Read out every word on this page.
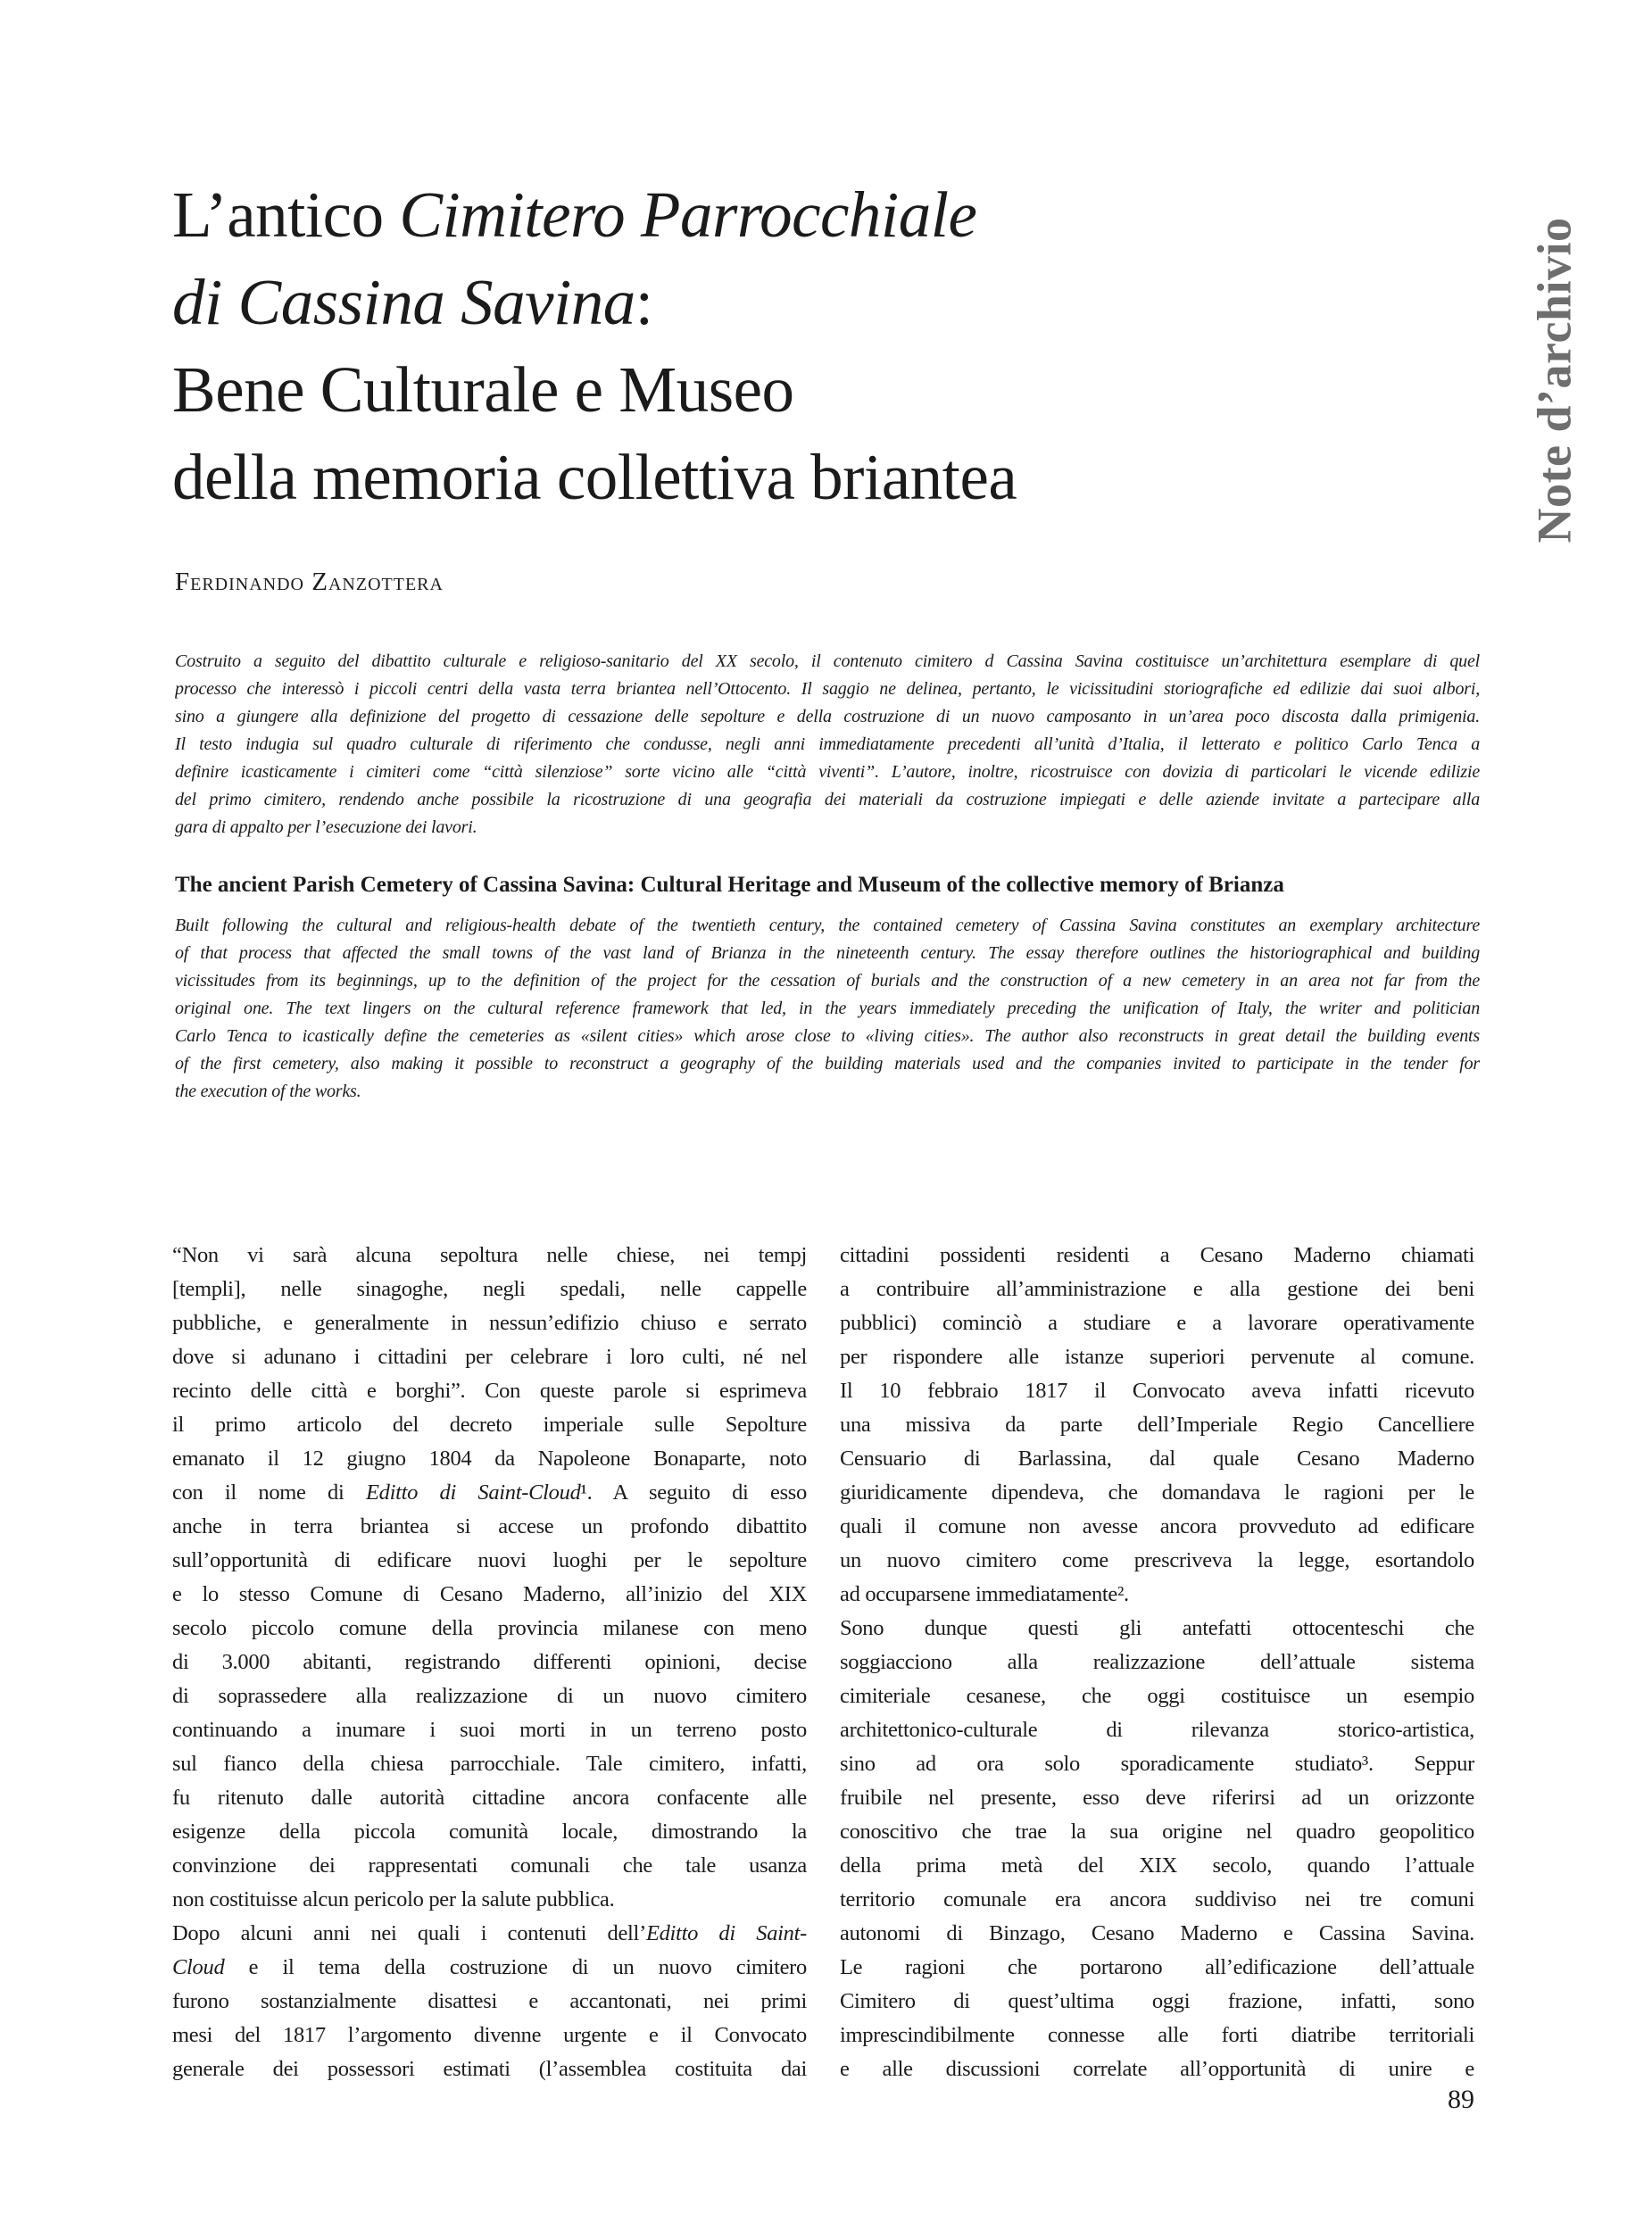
L’antico Cimitero Parrocchiale
di Cassina Savina:
Bene Culturale e Museo
della memoria collettiva briantea
Ferdinando Zanzottera
Costruito a seguito del dibattito culturale e religioso-sanitario del XX secolo, il contenuto cimitero d Cassina Savina costituisce un’architettura esemplare di quel
processo che interessò i piccoli centri della vasta terra briantea nell’Ottocento. Il saggio ne delinea, pertanto, le vicissitudini storiografiche ed edilizie dai suoi albori,
sino a giungere alla definizione del progetto di cessazione delle sepolture e della costruzione di un nuovo camposanto in un’area poco discosta dalla primigenia.
Il testo indugia sul quadro culturale di riferimento che condusse, negli anni immediatamente precedenti all’unità d’Italia, il letterato e politico Carlo Tenca a
definire icasticamente i cimiteri come “città silenziose” sorte vicino alle “città viventi”. L’autore, inoltre, ricostruisce con dovizia di particolari le vicende edilizie
del primo cimitero, rendendo anche possibile la ricostruzione di una geografia dei materiali da costruzione impiegati e delle aziende invitate a partecipare alla
gara di appalto per l’esecuzione dei lavori.
The ancient Parish Cemetery of Cassina Savina: Cultural Heritage and Museum of the collective memory of Brianza
Built following the cultural and religious-health debate of the twentieth century, the contained cemetery of Cassina Savina constitutes an exemplary architecture
of that process that affected the small towns of the vast land of Brianza in the nineteenth century. The essay therefore outlines the historiographical and building
vicissitudes from its beginnings, up to the definition of the project for the cessation of burials and the construction of a new cemetery in an area not far from the
original one. The text lingers on the cultural reference framework that led, in the years immediately preceding the unification of Italy, the writer and politician
Carlo Tenca to icastically define the cemeteries as «silent cities» which arose close to «living cities». The author also reconstructs in great detail the building events
of the first cemetery, also making it possible to reconstruct a geography of the building materials used and the companies invited to participate in the tender for
the execution of the works.
“Non vi sarà alcuna sepoltura nelle chiese, nei tempj
[templi], nelle sinagoghe, negli spedali, nelle cappelle
pubbliche, e generalmente in nessun’edifizio chiuso e serrato
dove si adunano i cittadini per celebrare i loro culti, né nel
recinto delle città e borghi”. Con queste parole si esprimeva
il primo articolo del decreto imperiale sulle Sepolture
emanato il 12 giugno 1804 da Napoleone Bonaparte, noto
con il nome di Editto di Saint-Cloud¹. A seguito di esso
anche in terra briantea si accese un profondo dibattito
sull’opportunità di edificare nuovi luoghi per le sepolture
e lo stesso Comune di Cesano Maderno, all’inizio del XIX
secolo piccolo comune della provincia milanese con meno
di 3.000 abitanti, registrando differenti opinioni, decise
di soprassedere alla realizzazione di un nuovo cimitero
continuando a inumare i suoi morti in un terreno posto
sul fianco della chiesa parrocchiale. Tale cimitero, infatti,
fu ritenuto dalle autorità cittadine ancora confacente alle
esigenze della piccola comunità locale, dimostrando la
convinzione dei rappresentati comunali che tale usanza
non costituisse alcun pericolo per la salute pubblica.
Dopo alcuni anni nei quali i contenuti dell’Editto di Saint-
Cloud e il tema della costruzione di un nuovo cimitero
furono sostanzialmente disattesi e accantonati, nei primi
mesi del 1817 l’argomento divenne urgente e il Convocato
generale dei possessori estimati (l’assemblea costituita dai
cittadini possidenti residenti a Cesano Maderno chiamati
a contribuire all’amministrazione e alla gestione dei beni
pubblici) cominciò a studiare e a lavorare operativamente
per rispondere alle istanze superiori pervenute al comune.
Il 10 febbraio 1817 il Convocato aveva infatti ricevuto
una missiva da parte dell’Imperiale Regio Cancelliere
Censuario di Barlassina, dal quale Cesano Maderno
giuridicamente dipendeva, che domandava le ragioni per le
quali il comune non avesse ancora provveduto ad edificare
un nuovo cimitero come prescriveva la legge, esortandolo
ad occuparsene immediatamente².
Sono dunque questi gli antefatti ottocenteschi che
soggiacciono alla realizzazione dell’attuale sistema
cimiteriale cesanese, che oggi costituisce un esempio
architettonico-culturale di rilevanza storico-artistica,
sino ad ora solo sporadicamente studiato³. Seppur
fruibile nel presente, esso deve riferirsi ad un orizzonte
conoscitivo che trae la sua origine nel quadro geopolitico
della prima metà del XIX secolo, quando l’attuale
territorio comunale era ancora suddiviso nei tre comuni
autonomi di Binzago, Cesano Maderno e Cassina Savina.
Le ragioni che portarono all’edificazione dell’attuale
Cimitero di quest’ultima oggi frazione, infatti, sono
imprescindibilmente connesse alle forti diatribe territoriali
e alle discussioni correlate all’opportunità di unire e
Note d’archivio
89
